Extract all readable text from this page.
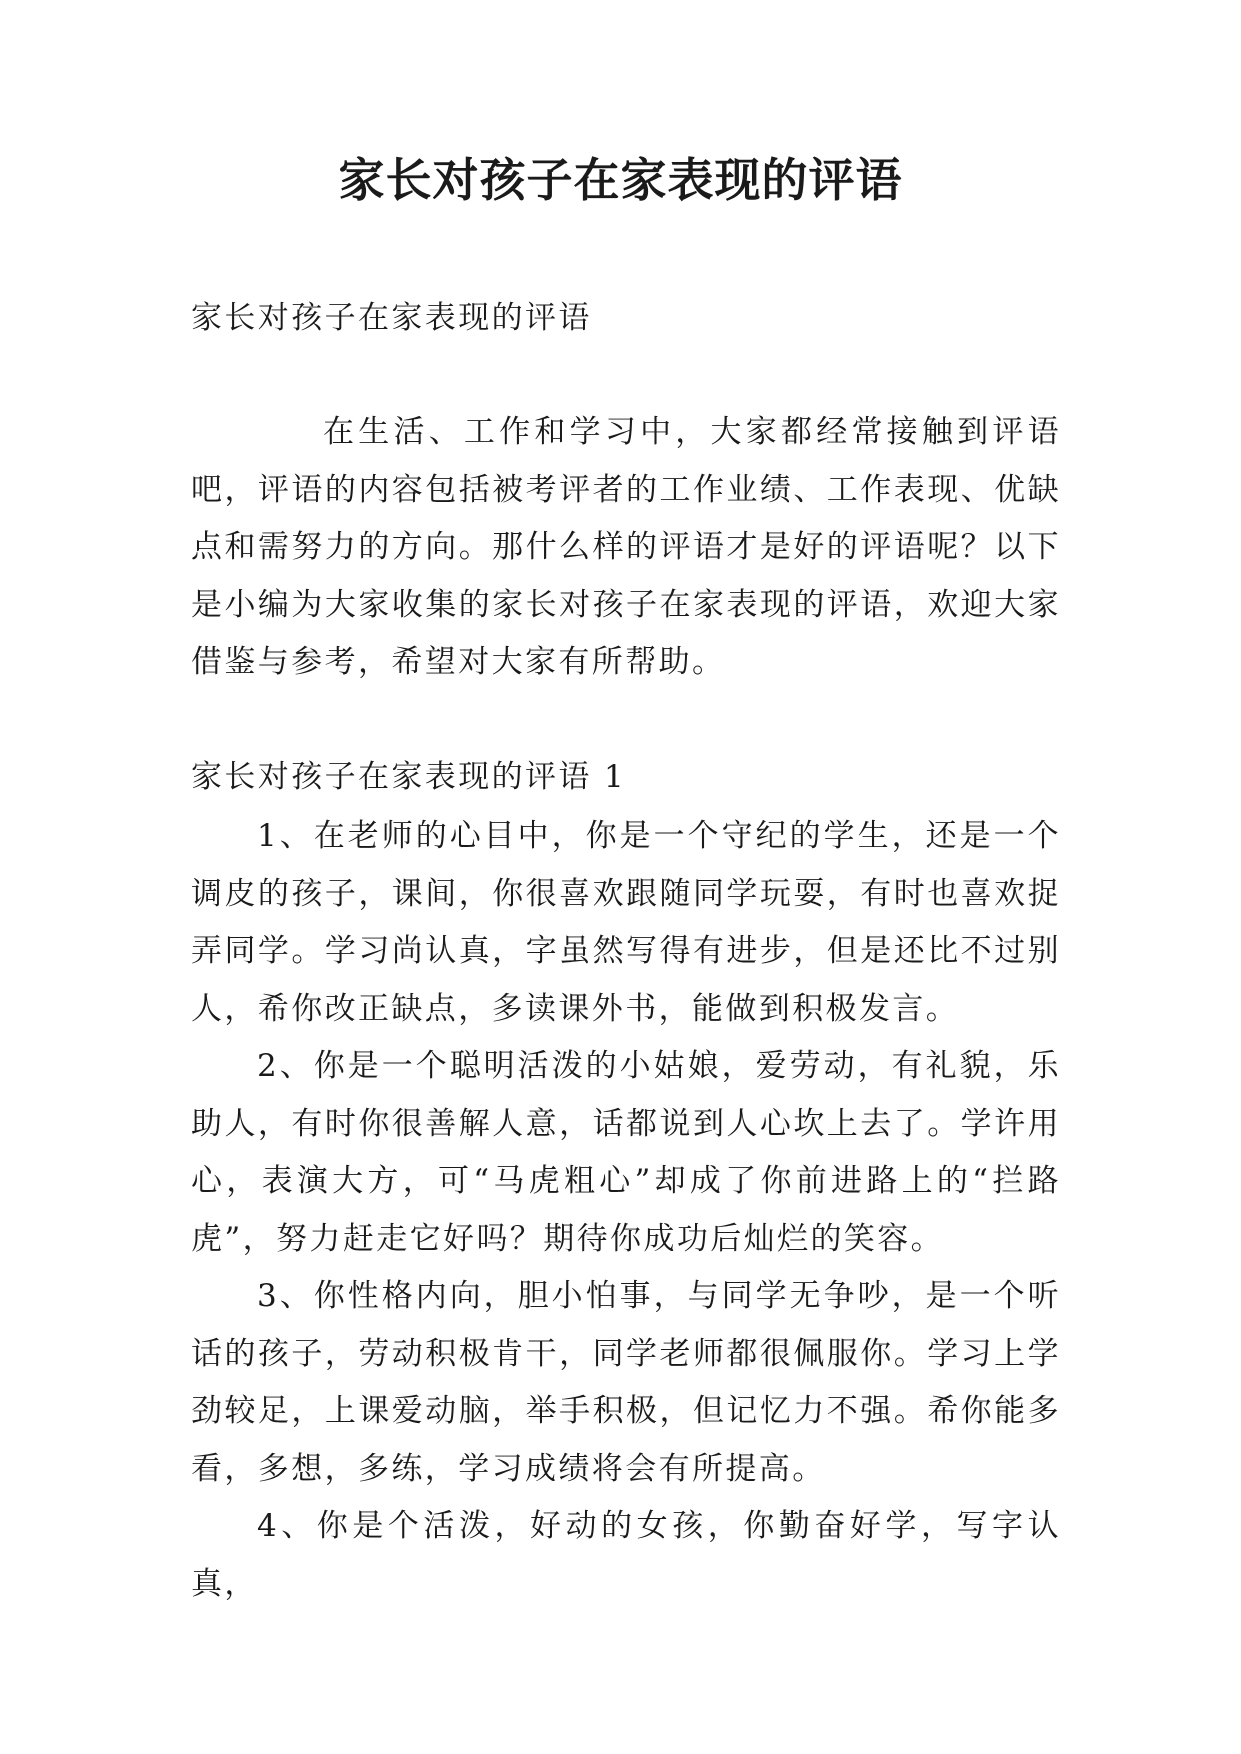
家长对孩子在家表现的评语

家长对孩子在家表现的评语

在生活、工作和学习中，大家都经常接触到评语吧，评语的内容包括被考评者的工作业绩、工作表现、优缺点和需努力的方向。那什么样的评语才是好的评语呢？以下是小编为大家收集的家长对孩子在家表现的评语，欢迎大家借鉴与参考，希望对大家有所帮助。

家长对孩子在家表现的评语 1

1、在老师的心目中，你是一个守纪的学生，还是一个调皮的孩子，课间，你很喜欢跟随同学玩耍，有时也喜欢捉弄同学。学习尚认真，字虽然写得有进步，但是还比不过别人，希你改正缺点，多读课外书，能做到积极发言。

2、你是一个聪明活泼的小姑娘，爱劳动，有礼貌，乐助人，有时你很善解人意，话都说到人心坎上去了。学许用心，表演大方，可“马虎粗心”却成了你前进路上的“拦路虎”，努力赶走它好吗？期待你成功后灿烂的笑容。

3、你性格内向，胆小怕事，与同学无争吵，是一个听话的孩子，劳动积极肯干，同学老师都很佩服你。学习上学劲较足，上课爱动脑，举手积极，但记忆力不强。希你能多看，多想，多练，学习成绩将会有所提高。

4、你是个活泼，好动的女孩，你勤奋好学，写字认真，
